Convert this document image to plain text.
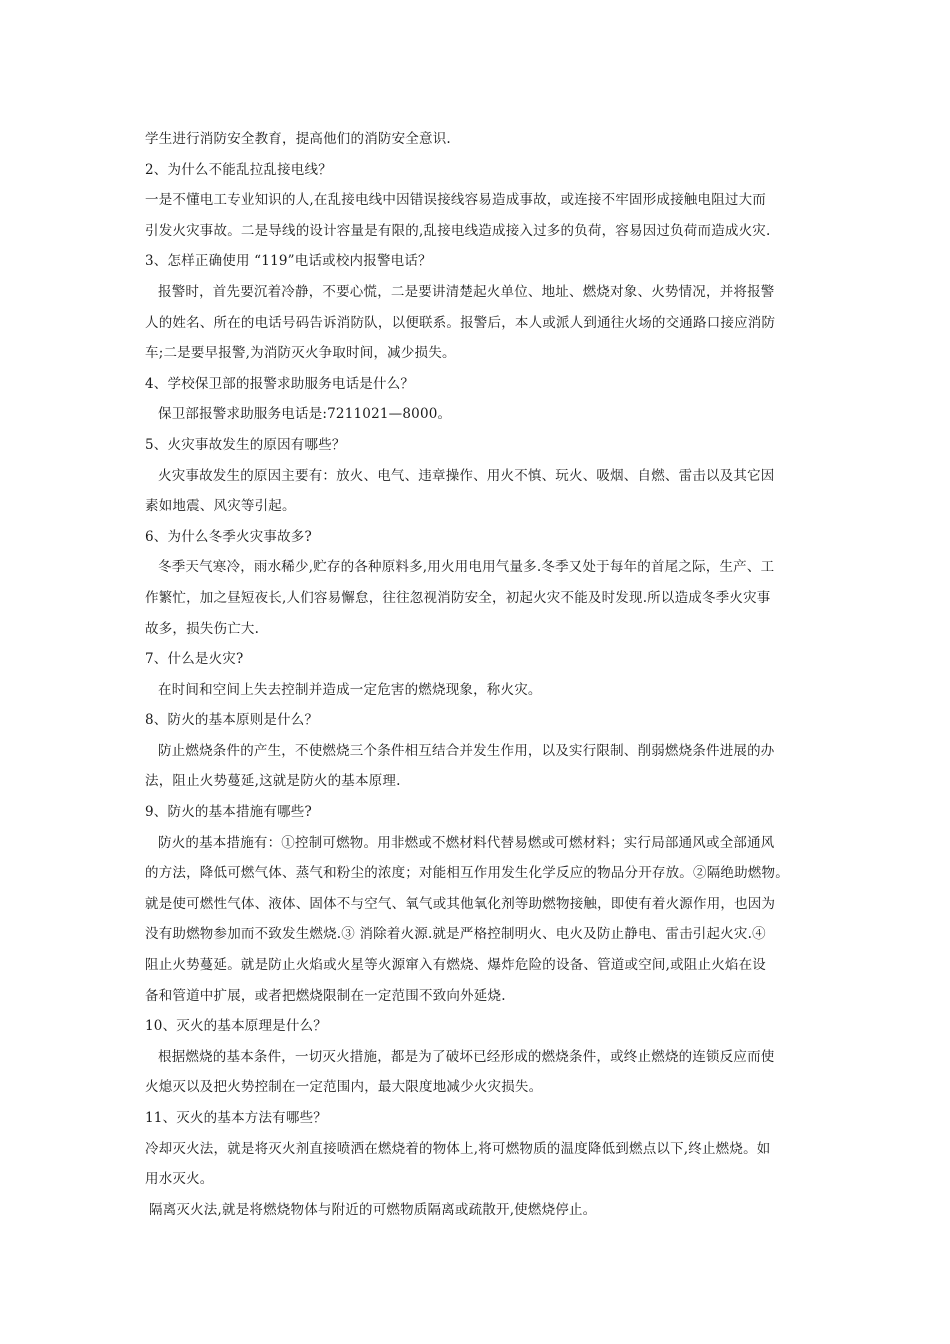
学生进行消防安全教育，提高他们的消防安全意识.
2、为什么不能乱拉乱接电线？
一是不懂电工专业知识的人,在乱接电线中因错误接线容易造成事故，或连接不牢固形成接触电阻过大而
引发火灾事故。二是导线的设计容量是有限的,乱接电线造成接入过多的负荷，容易因过负荷而造成火灾.
3、怎样正确使用 “119”电话或校内报警电话？
报警时，首先要沉着冷静，不要心慌，二是要讲清楚起火单位、地址、燃烧对象、火势情况，并将报警
人的姓名、所在的电话号码告诉消防队，以便联系。报警后，本人或派人到通往火场的交通路口接应消防
车;二是要早报警,为消防灭火争取时间，减少损失。
4、学校保卫部的报警求助服务电话是什么？
保卫部报警求助服务电话是:7211021—8000。
5、火灾事故发生的原因有哪些？
火灾事故发生的原因主要有：放火、电气、违章操作、用火不慎、玩火、吸烟、自燃、雷击以及其它因
素如地震、风灾等引起。
6、为什么冬季火灾事故多?
冬季天气寒冷，雨水稀少,贮存的各种原料多,用火用电用气量多.冬季又处于每年的首尾之际，生产、工
作繁忙，加之昼短夜长,人们容易懈怠，往往忽视消防安全，初起火灾不能及时发现.所以造成冬季火灾事
故多，损失伤亡大.
7、什么是火灾?
在时间和空间上失去控制并造成一定危害的燃烧现象，称火灾。
8、防火的基本原则是什么？
防止燃烧条件的产生，不使燃烧三个条件相互结合并发生作用，以及实行限制、削弱燃烧条件进展的办
法，阻止火势蔓延,这就是防火的基本原理.
9、防火的基本措施有哪些?
防火的基本措施有：①控制可燃物。用非燃或不燃材料代替易燃或可燃材料；实行局部通风或全部通风
的方法，降低可燃气体、蒸气和粉尘的浓度；对能相互作用发生化学反应的物品分开存放。②隔绝助燃物。
就是使可燃性气体、液体、固体不与空气、氧气或其他氧化剂等助燃物接触，即使有着火源作用，也因为
没有助燃物参加而不致发生燃烧.③ 消除着火源.就是严格控制明火、电火及防止静电、雷击引起火灾.④
阻止火势蔓延。就是防止火焰或火星等火源窜入有燃烧、爆炸危险的设备、管道或空间,或阻止火焰在设
备和管道中扩展，或者把燃烧限制在一定范围不致向外延烧.
10、灭火的基本原理是什么？
根据燃烧的基本条件，一切灭火措施，都是为了破坏已经形成的燃烧条件，或终止燃烧的连锁反应而使
火熄灭以及把火势控制在一定范围内，最大限度地减少火灾损失。
11、灭火的基本方法有哪些？
冷却灭火法，就是将灭火剂直接喷洒在燃烧着的物体上,将可燃物质的温度降低到燃点以下,终止燃烧。如
用水灭火。
隔离灭火法,就是将燃烧物体与附近的可燃物质隔离或疏散开,使燃烧停止。
